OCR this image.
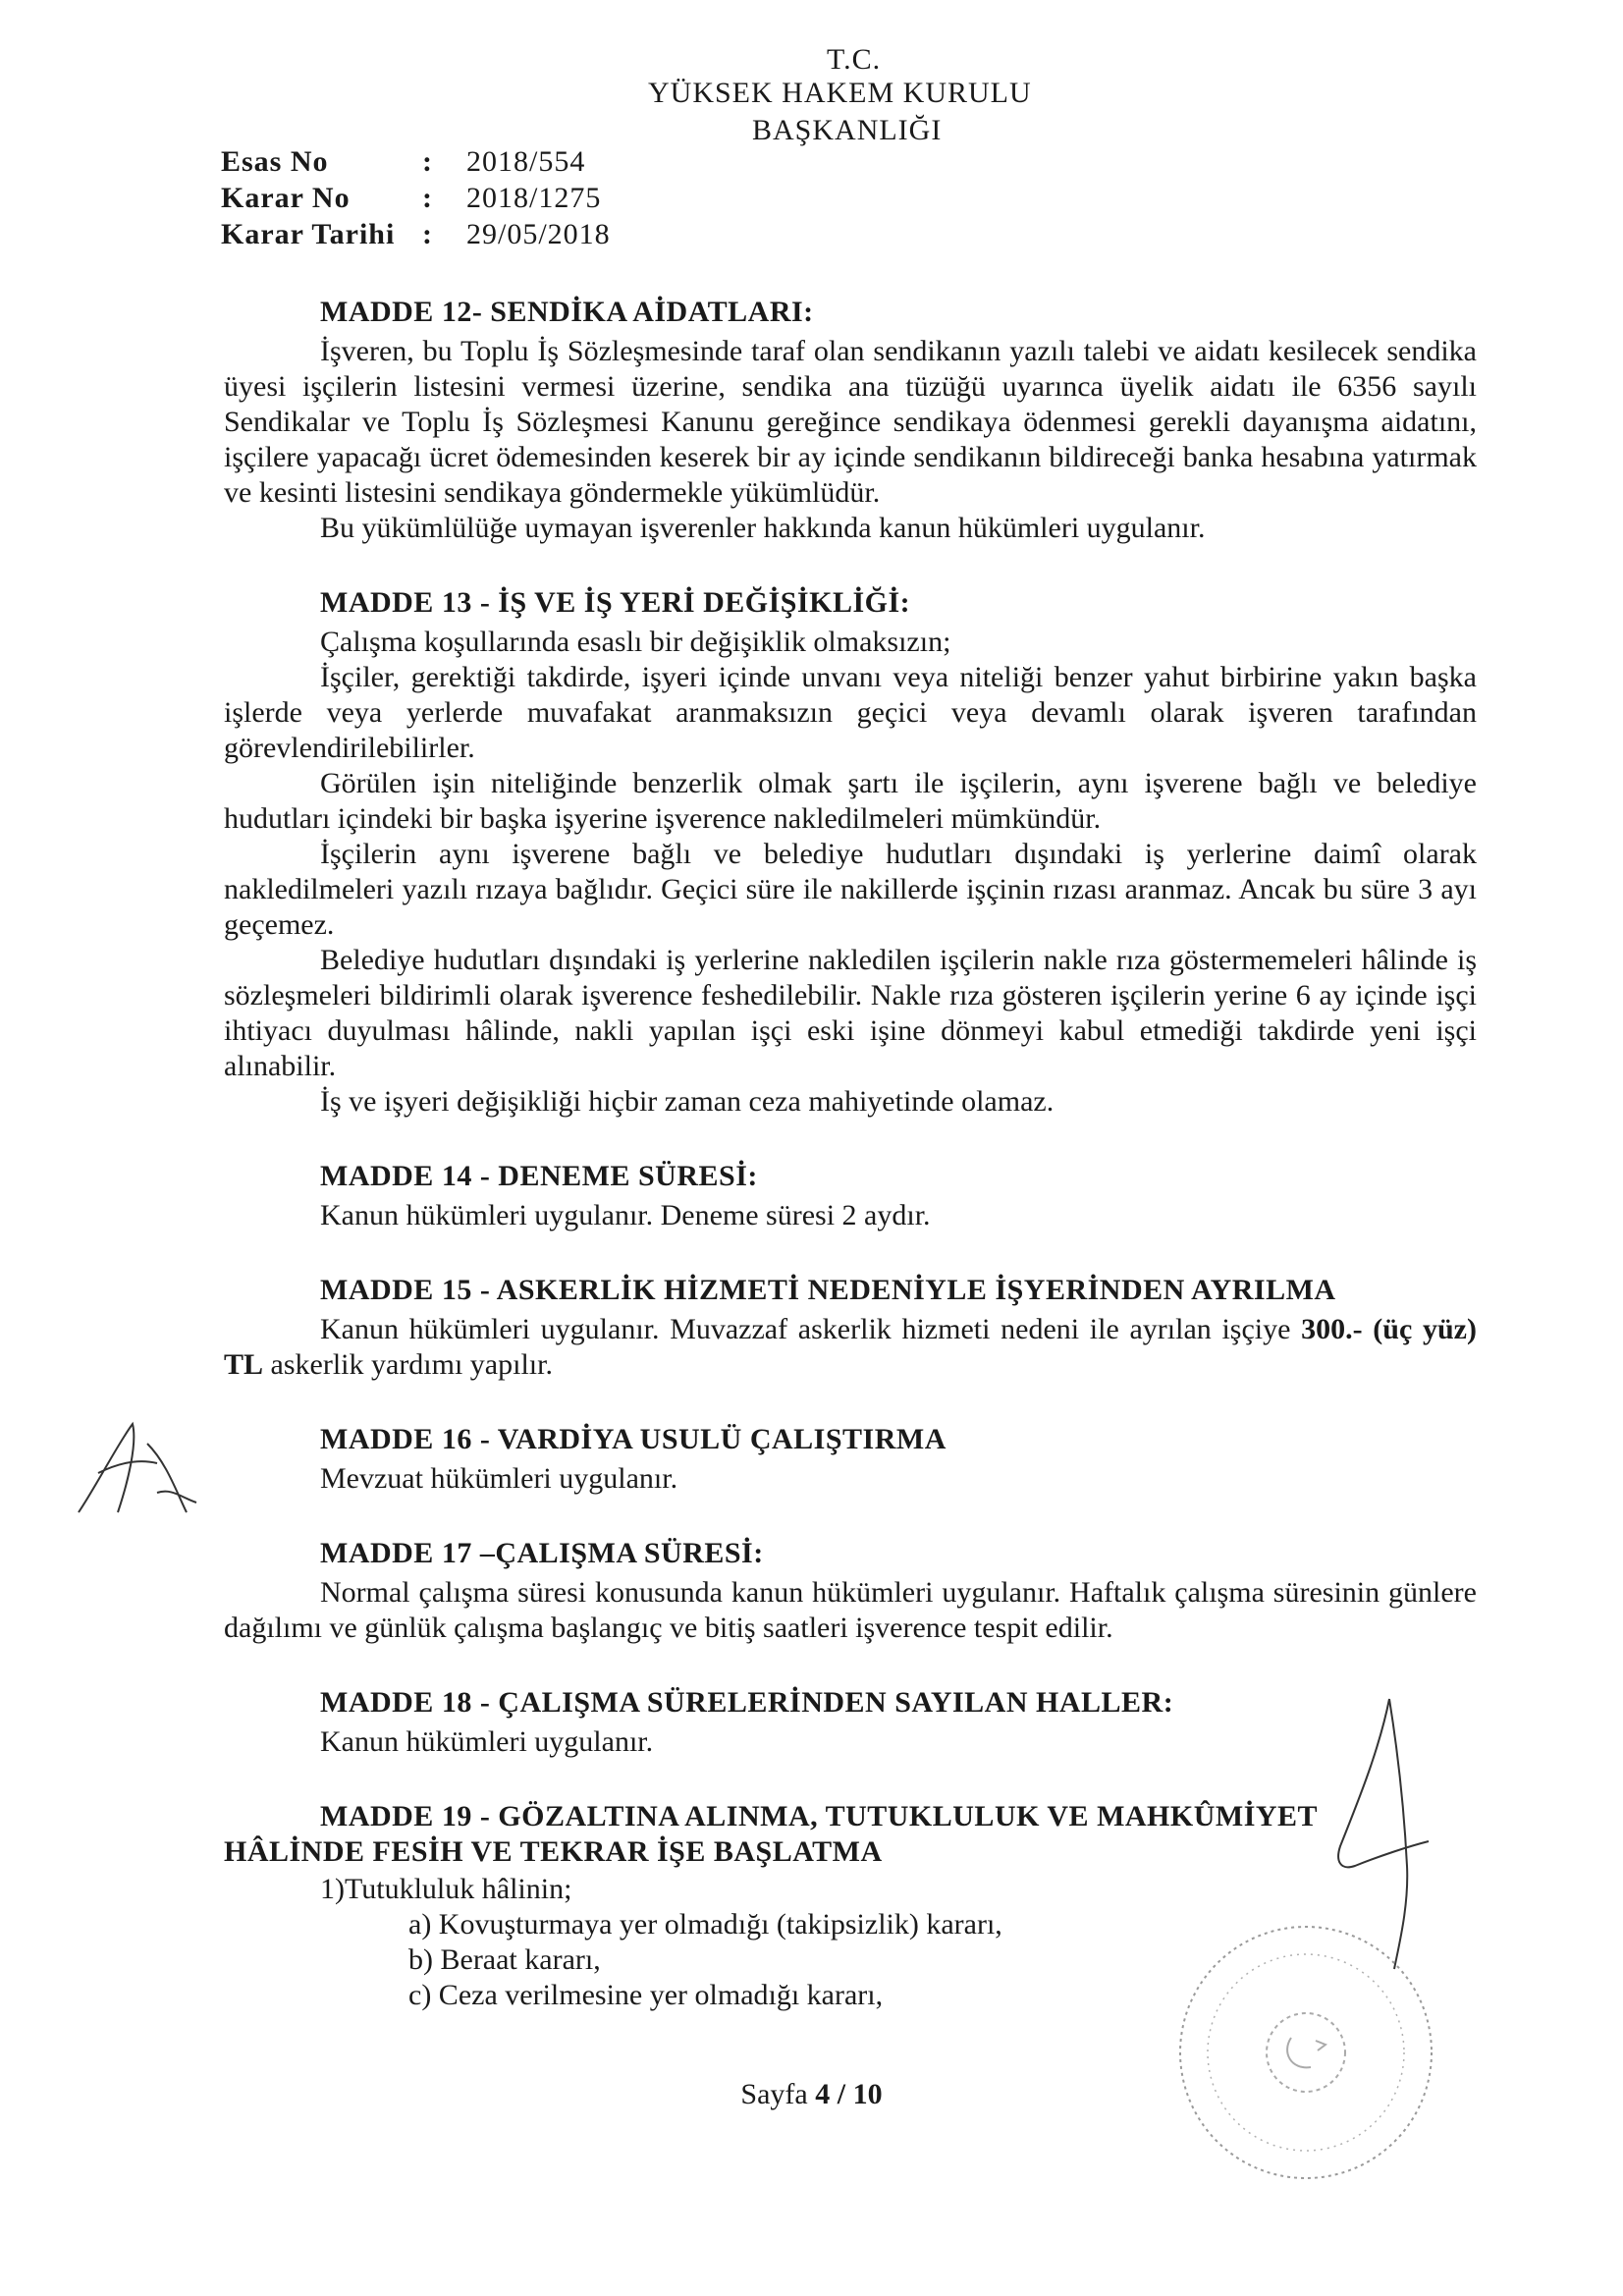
T.C.
YÜKSEK HAKEM KURULU
BAŞKANLIĞI
Esas No	:	2018/554
Karar No	:	2018/1275
Karar Tarihi :	29/05/2018

MADDE 12- SENDİKA AİDATLARI:

İşveren, bu Toplu İş Sözleşmesinde taraf olan sendikanın yazılı talebi ve aidatı kesilecek sendika üyesi işçilerin listesini vermesi üzerine, sendika ana tüzüğü uyarınca üyelik aidatı ile 6356 sayılı Sendikalar ve Toplu İş Sözleşmesi Kanunu gereğince sendikaya ödenmesi gerekli dayanışma aidatını, işçilere yapacağı ücret ödemesinden keserek bir ay içinde sendikanın bildireceği banka hesabına yatırmak ve kesinti listesini sendikaya göndermekle yükümlüdür.

Bu yükümlülüğe uymayan işverenler hakkında kanun hükümleri uygulanır.

MADDE 13 - İŞ VE İŞ YERİ DEĞİŞİKLİĞİ:

Çalışma koşullarında esaslı bir değişiklik olmaksızın;

İşçiler, gerektiği takdirde, işyeri içinde unvanı veya niteliği benzer yahut birbirine yakın başka işlerde veya yerlerde muvafakat aranmaksızın geçici veya devamlı olarak işveren tarafından görevlendirilebilirler.

Görülen işin niteliğinde benzerlik olmak şartı ile işçilerin, aynı işverene bağlı ve belediye hudutları içindeki bir başka işyerine işverence nakledilmeleri mümkündür.

İşçilerin aynı işverene bağlı ve belediye hudutları dışındaki iş yerlerine daimî olarak nakledilmeleri yazılı rızaya bağlıdır. Geçici süre ile nakillerde işçinin rızası aranmaz. Ancak bu süre 3 ayı geçemez.

Belediye hudutları dışındaki iş yerlerine nakledilen işçilerin nakle rıza göstermemeleri hâlinde iş sözleşmeleri bildirimli olarak işverence feshedilebilir. Nakle rıza gösteren işçilerin yerine 6 ay içinde işçi ihtiyacı duyulması hâlinde, nakli yapılan işçi eski işine dönmeyi kabul etmediği takdirde yeni işçi alınabilir.

İş ve işyeri değişikliği hiçbir zaman ceza mahiyetinde olamaz.

MADDE 14 - DENEME SÜRESİ:

Kanun hükümleri uygulanır. Deneme süresi 2 aydır.

MADDE 15 - ASKERLİK HİZMETİ NEDENİYLE İŞYERİNDEN AYRILMA

Kanun hükümleri uygulanır. Muvazzaf askerlik hizmeti nedeni ile ayrılan işçiye 300.- (üç yüz) TL askerlik yardımı yapılır.

MADDE 16 - VARDİYA USULÜ ÇALIŞTIRMA

Mevzuat hükümleri uygulanır.

MADDE 17 –ÇALIŞMA SÜRESİ:

Normal çalışma süresi konusunda kanun hükümleri uygulanır. Haftalık çalışma süresinin günlere dağılımı ve günlük çalışma başlangıç ve bitiş saatleri işverence tespit edilir.

MADDE 18 - ÇALIŞMA SÜRELERİNDEN SAYILAN HALLER:

Kanun hükümleri uygulanır.

MADDE 19 - GÖZALTINA ALINMA, TUTUKLULUK VE MAHKÛMİYET
HÂLİNDE FESİH VE TEKRAR İŞE BAŞLATMA

1)Tutukluluk hâlinin;

a) Kovuşturmaya yer olmadığı (takipsizlik) kararı,

b) Beraat kararı,

c) Ceza verilmesine yer olmadığı kararı,

Sayfa 4 / 10
